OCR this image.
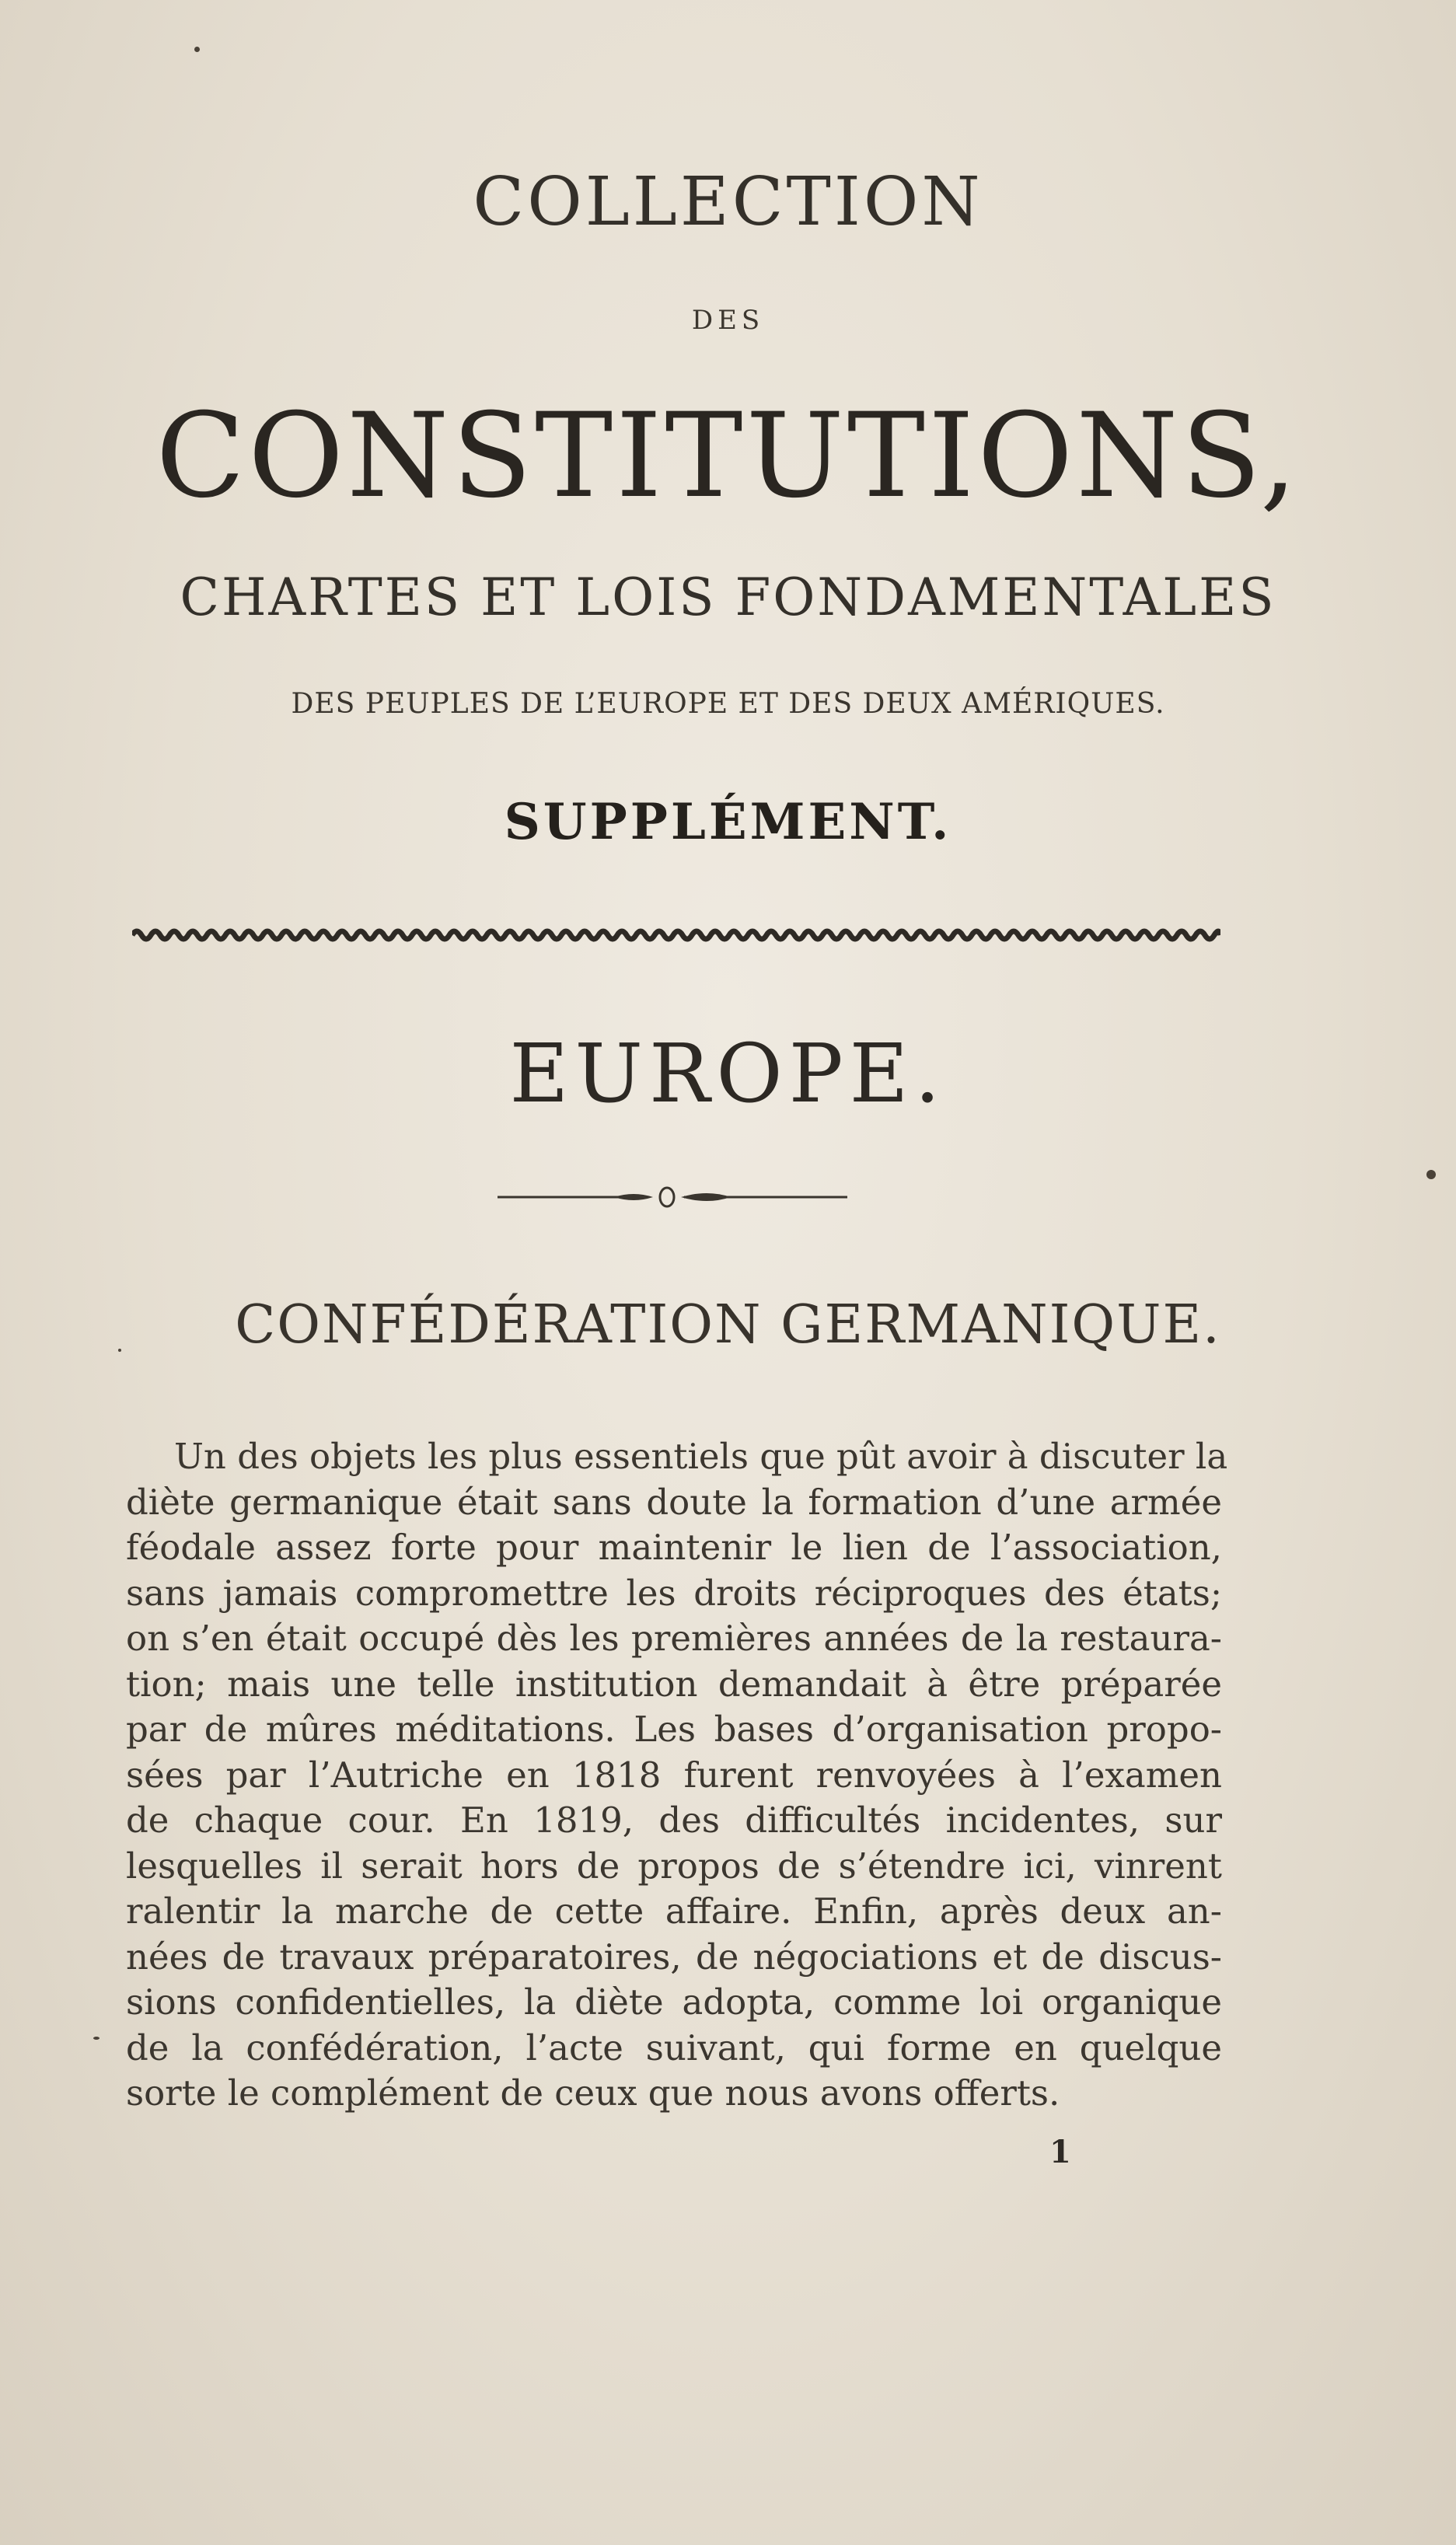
COLLECTION
DES
CONSTITUTIONS,
CHARTES ET LOIS FONDAMENTALES
DES PEUPLES DE L’EUROPE ET DES DEUX AMÉRIQUES.
SUPPLÉMENT.
EUROPE.
CONFÉDÉRATION GERMANIQUE.
Un des objets les plus essentiels que pût avoir à discuter la
diète germanique était sans doute la formation d’une armée
féodale assez forte pour maintenir le lien de l’association,
sans jamais compromettre les droits réciproques des états;
on s’en était occupé dès les premières années de la restaura-
tion; mais une telle institution demandait à être préparée
par de mûres méditations. Les bases d’organisation propo-
sées par l’Autriche en 1818 furent renvoyées à l’examen
de chaque cour. En 1819, des difficultés incidentes, sur
lesquelles il serait hors de propos de s’étendre ici, vinrent
ralentir la marche de cette affaire. Enfin, après deux an-
nées de travaux préparatoires, de négociations et de discus-
sions confidentielles, la diète adopta, comme loi organique
de la confédération, l’acte suivant, qui forme en quelque
sorte le complément de ceux que nous avons offerts.
1
